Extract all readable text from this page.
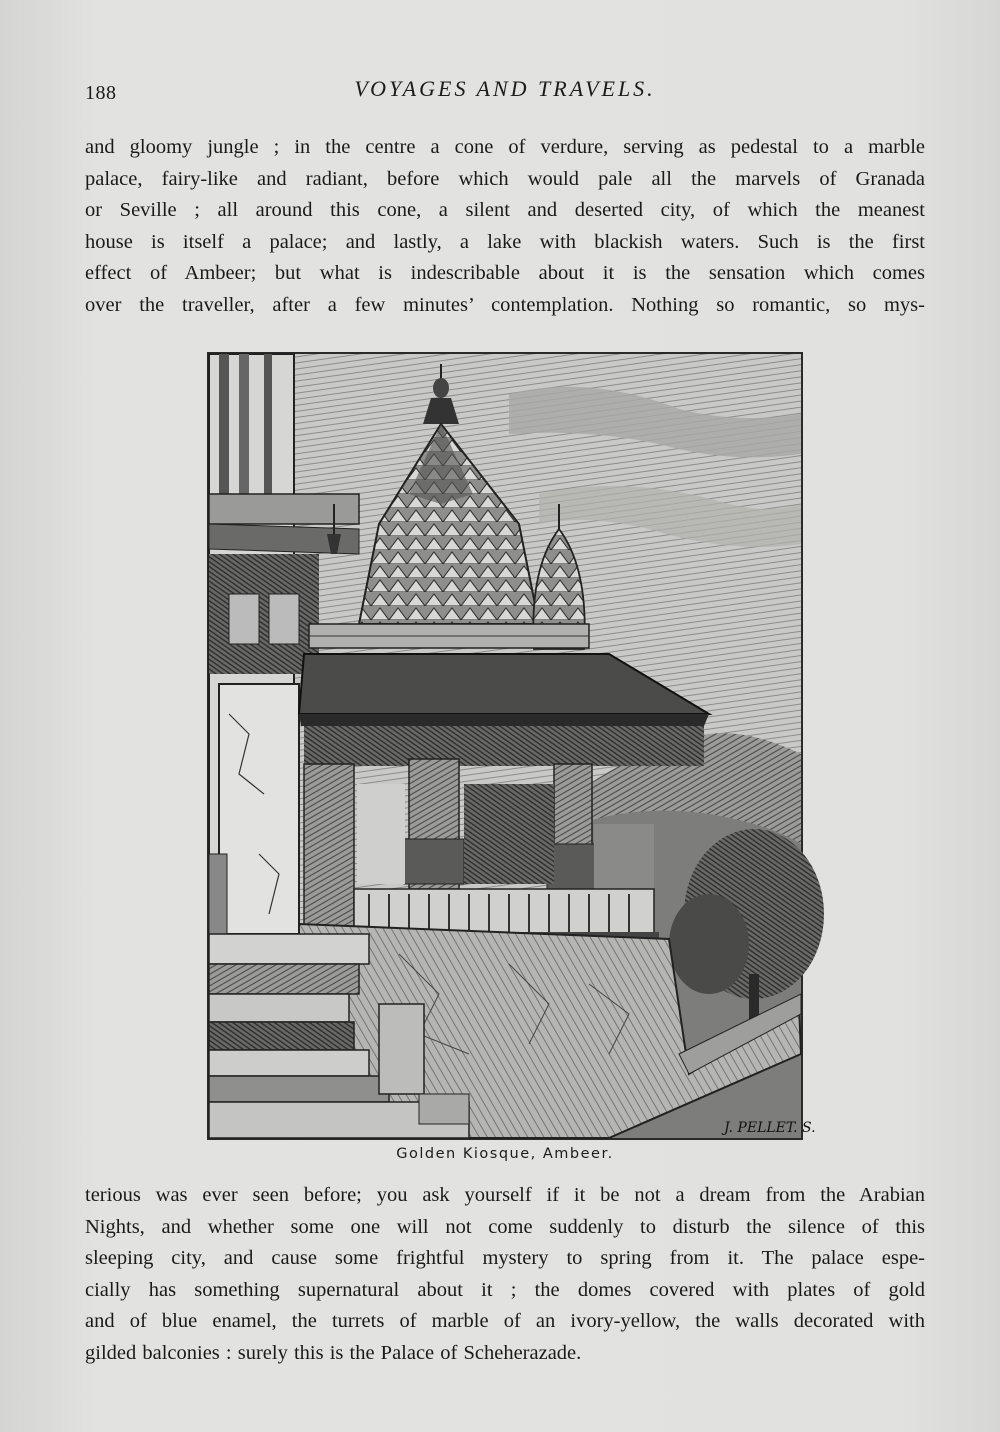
188	VOYAGES AND TRAVELS.

and gloomy jungle ; in the centre a cone of verdure, serving as pedestal to a marble
palace, fairy-like and radiant, before which would pale all the marvels of Granada
or Seville ; all around this cone, a silent and deserted city, of which the meanest
house is itself a palace; and lastly, a lake with blackish waters. Such is the first
effect of Ambeer; but what is indescribable about it is the sensation which comes
over the traveller, after a few minutes’ contemplation. Nothing so romantic, so mys-

J. PELLET. S.
Golden Kiosque, Ambeer.

terious was ever seen before; you ask yourself if it be not a dream from the Arabian
Nights, and whether some one will not come suddenly to disturb the silence of this
sleeping city, and cause some frightful mystery to spring from it. The palace espe-
cially has something supernatural about it ; the domes covered with plates of gold
and of blue enamel, the turrets of marble of an ivory-yellow, the walls decorated with
gilded balconies : surely this is the Palace of Scheherazade.
